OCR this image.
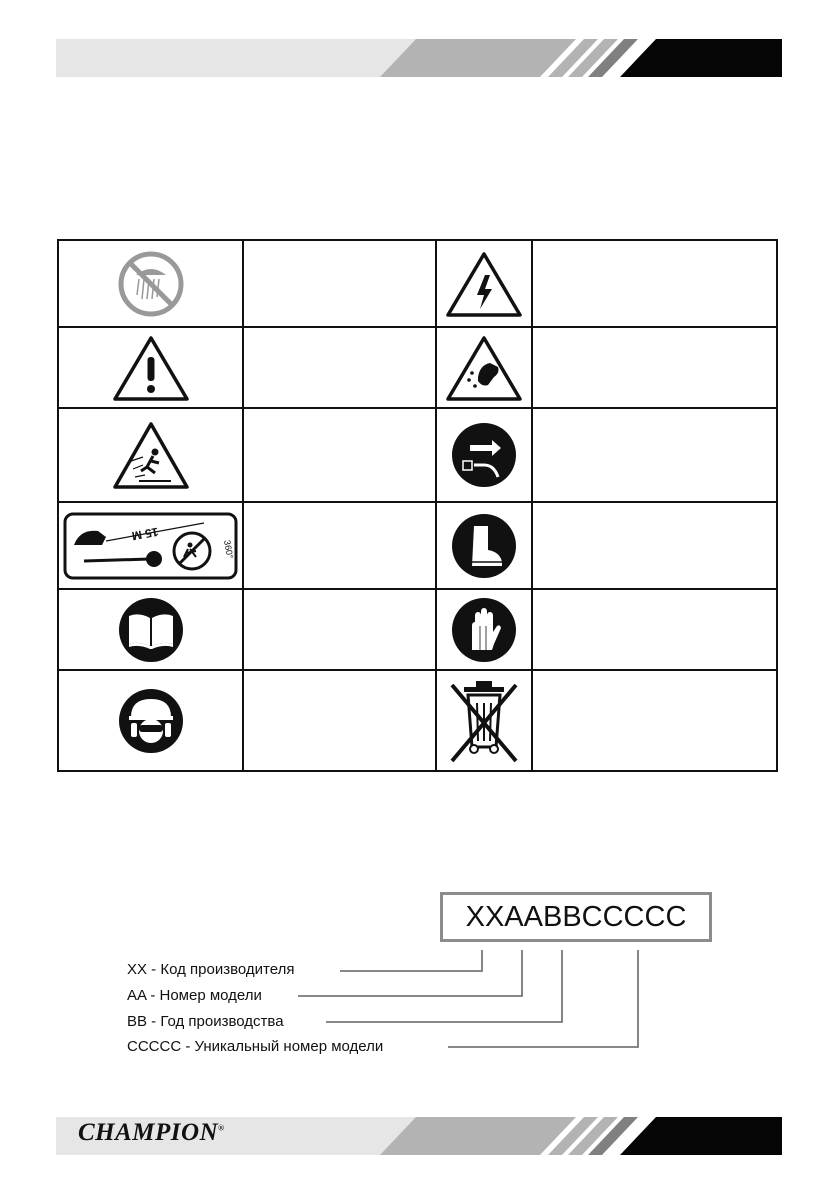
15 M
360°

XXAABBCCCCC
XX - Код производителя
AA - Номер модели
BB - Год производства
CCCCC - Уникальный номер модели
CHAMPION®
